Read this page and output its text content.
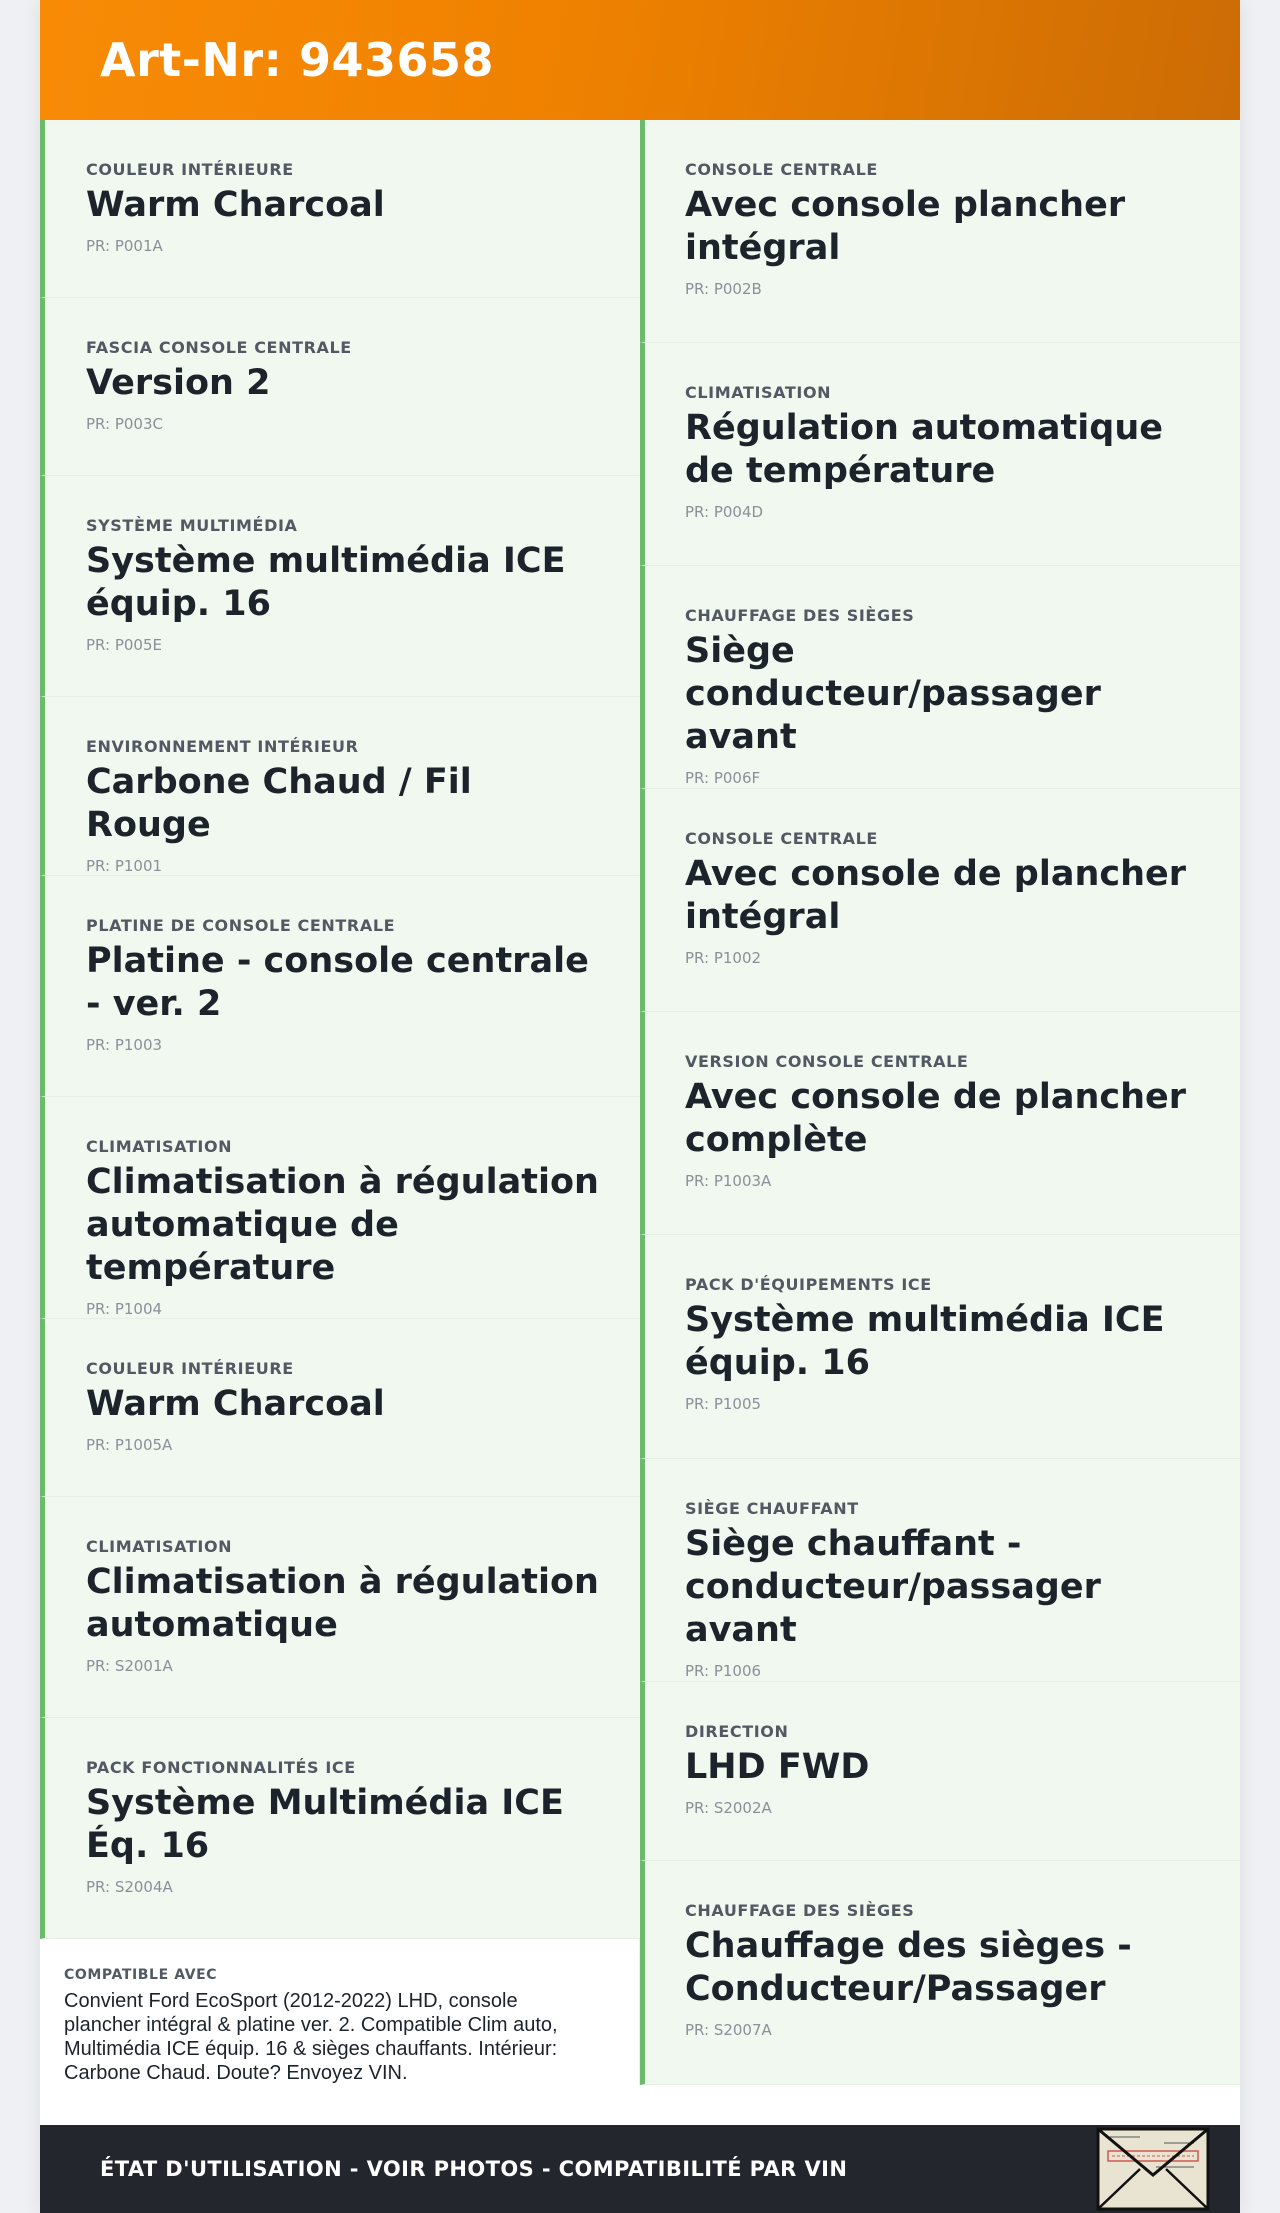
Art-Nr: 943658
COULEUR INTÉRIEURE
Warm Charcoal
PR: P001A
FASCIA CONSOLE CENTRALE
Version 2
PR: P003C
SYSTÈME MULTIMÉDIA
Système multimédia ICE équip. 16
PR: P005E
ENVIRONNEMENT INTÉRIEUR
Carbone Chaud / Fil Rouge
PR: P1001
PLATINE DE CONSOLE CENTRALE
Platine - console centrale - ver. 2
PR: P1003
CLIMATISATION
Climatisation à régulation automatique de température
PR: P1004
COULEUR INTÉRIEURE
Warm Charcoal
PR: P1005A
CLIMATISATION
Climatisation à régulation automatique
PR: S2001A
PACK FONCTIONNALITÉS ICE
Système Multimédia ICE Éq. 16
PR: S2004A
COMPATIBLE AVEC
Convient Ford EcoSport (2012-2022) LHD, console plancher intégral & platine ver. 2. Compatible Clim auto, Multimédia ICE équip. 16 & sièges chauffants. Intérieur: Carbone Chaud. Doute? Envoyez VIN.
CONSOLE CENTRALE
Avec console plancher intégral
PR: P002B
CLIMATISATION
Régulation automatique de température
PR: P004D
CHAUFFAGE DES SIÈGES
Siège conducteur/passager avant
PR: P006F
CONSOLE CENTRALE
Avec console de plancher intégral
PR: P1002
VERSION CONSOLE CENTRALE
Avec console de plancher complète
PR: P1003A
PACK D'ÉQUIPEMENTS ICE
Système multimédia ICE équip. 16
PR: P1005
SIÈGE CHAUFFANT
Siège chauffant - conducteur/passager avant
PR: P1006
DIRECTION
LHD FWD
PR: S2002A
CHAUFFAGE DES SIÈGES
Chauffage des sièges - Conducteur/Passager
PR: S2007A
ÉTAT D'UTILISATION - VOIR PHOTOS - COMPATIBILITÉ PAR VIN
